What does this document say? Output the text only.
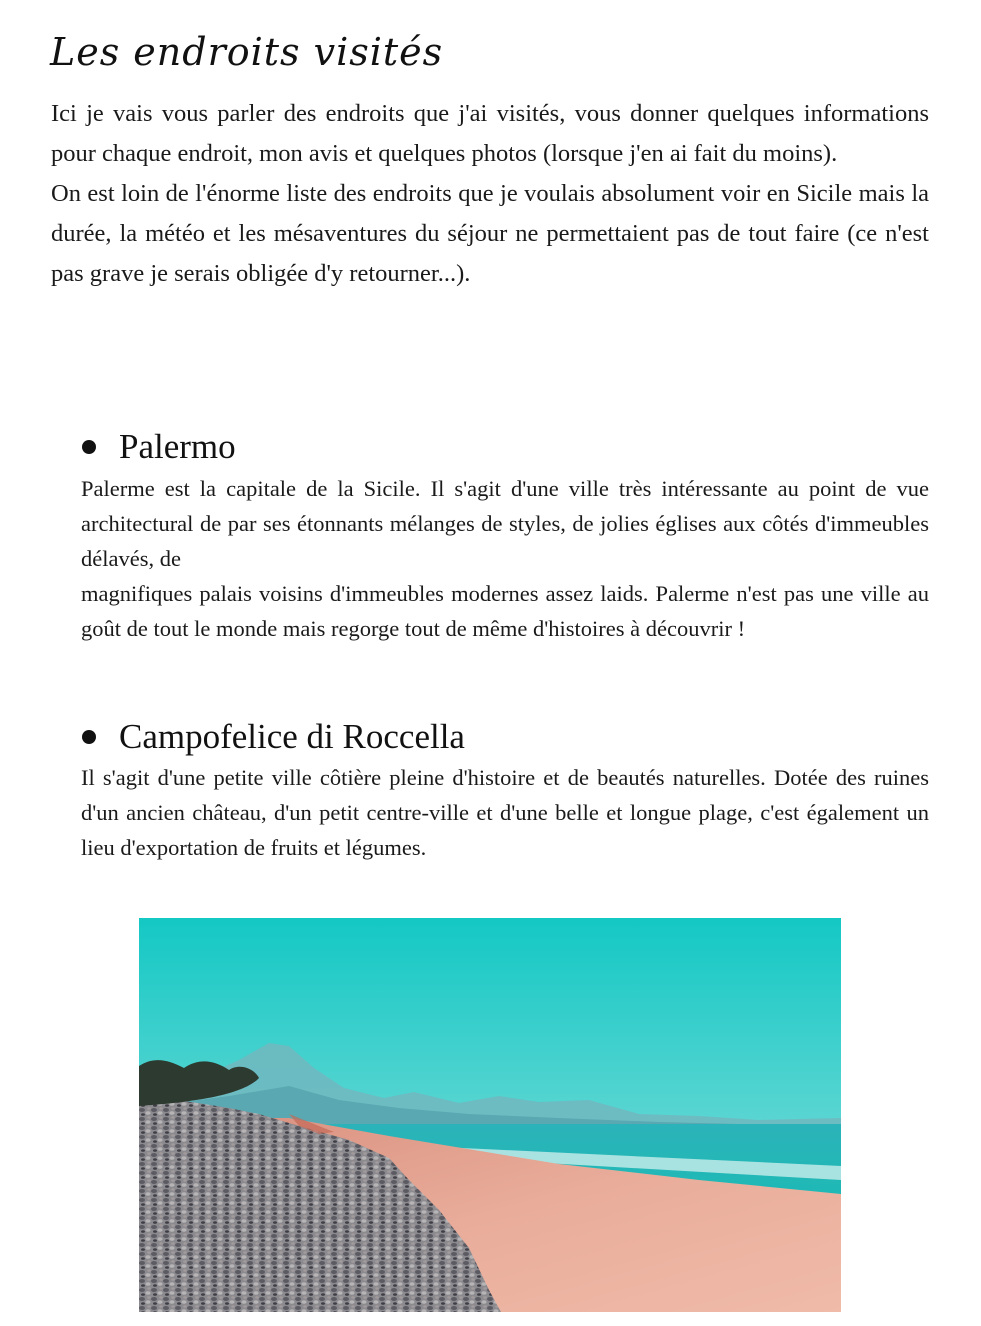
Les endroits visités

Ici je vais vous parler des endroits que j'ai visités, vous donner quelques informations pour chaque endroit, mon avis et quelques photos (lorsque j'en ai fait du moins).

On est loin de l'énorme liste des endroits que je voulais absolument voir en Sicile mais la durée, la météo et les mésaventures du séjour ne permettaient pas de tout faire (ce n'est pas grave je serais obligée d'y retourner...).

Palermo

Palerme est la capitale de la Sicile. Il s'agit d'une ville très intéressante au point de vue architectural de par ses étonnants mélanges de styles, de jolies églises aux côtés d'immeubles délavés, de

magnifiques palais voisins d'immeubles modernes assez laids. Palerme n'est pas une ville au goût de tout le monde mais regorge tout de même d'histoires à découvrir !

Campofelice di Roccella

Il s'agit d'une petite ville côtière pleine d'histoire et de beautés naturelles. Dotée des ruines d'un ancien château, d'un petit centre-ville et d'une belle et longue plage, c'est également un lieu d'exportation de fruits et légumes.
